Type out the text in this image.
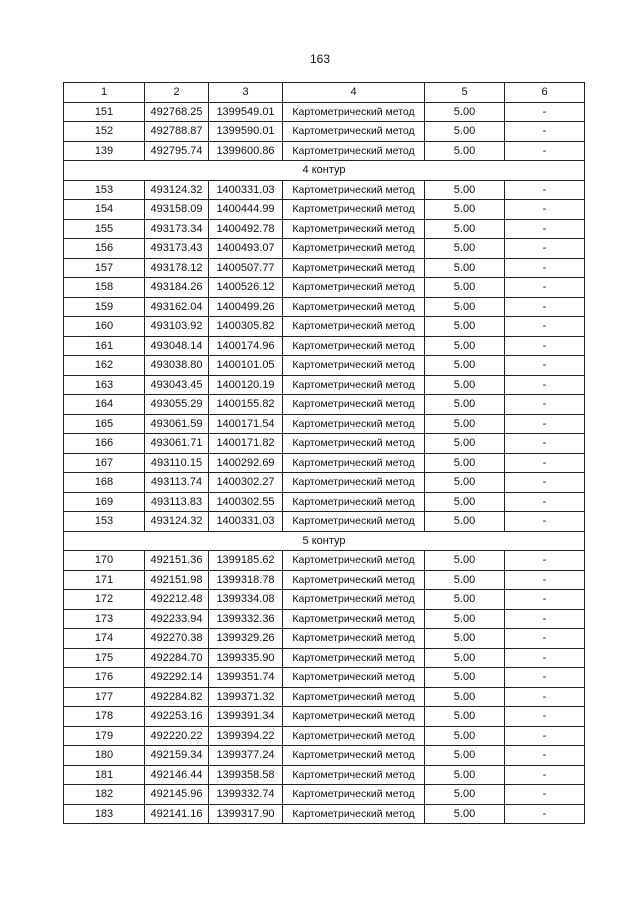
163
1	2	3	4	5	6
151	492768.25	1399549.01	Картометрический метод	5.00	-
152	492788.87	1399590.01	Картометрический метод	5.00	-
139	492795.74	1399600.86	Картометрический метод	5.00	-
4 контур					
153	493124.32	1400331.03	Картометрический метод	5.00	-
154	493158.09	1400444.99	Картометрический метод	5.00	-
155	493173.34	1400492.78	Картометрический метод	5.00	-
156	493173.43	1400493.07	Картометрический метод	5.00	-
157	493178.12	1400507.77	Картометрический метод	5.00	-
158	493184.26	1400526.12	Картометрический метод	5.00	-
159	493162.04	1400499.26	Картометрический метод	5.00	-
160	493103.92	1400305.82	Картометрический метод	5.00	-
161	493048.14	1400174.96	Картометрический метод	5.00	-
162	493038.80	1400101.05	Картометрический метод	5.00	-
163	493043.45	1400120.19	Картометрический метод	5.00	-
164	493055.29	1400155.82	Картометрический метод	5.00	-
165	493061.59	1400171.54	Картометрический метод	5.00	-
166	493061.71	1400171.82	Картометрический метод	5.00	-
167	493110.15	1400292.69	Картометрический метод	5.00	-
168	493113.74	1400302.27	Картометрический метод	5.00	-
169	493113.83	1400302.55	Картометрический метод	5.00	-
153	493124.32	1400331.03	Картометрический метод	5.00	-
5 контур					
170	492151.36	1399185.62	Картометрический метод	5.00	-
171	492151.98	1399318.78	Картометрический метод	5.00	-
172	492212.48	1399334.08	Картометрический метод	5.00	-
173	492233.94	1399332.36	Картометрический метод	5.00	-
174	492270.38	1399329.26	Картометрический метод	5.00	-
175	492284.70	1399335.90	Картометрический метод	5.00	-
176	492292.14	1399351.74	Картометрический метод	5.00	-
177	492284.82	1399371.32	Картометрический метод	5.00	-
178	492253.16	1399391.34	Картометрический метод	5.00	-
179	492220.22	1399394.22	Картометрический метод	5.00	-
180	492159.34	1399377.24	Картометрический метод	5.00	-
181	492146.44	1399358.58	Картометрический метод	5.00	-
182	492145.96	1399332.74	Картометрический метод	5.00	-
183	492141.16	1399317.90	Картометрический метод	5.00	-
